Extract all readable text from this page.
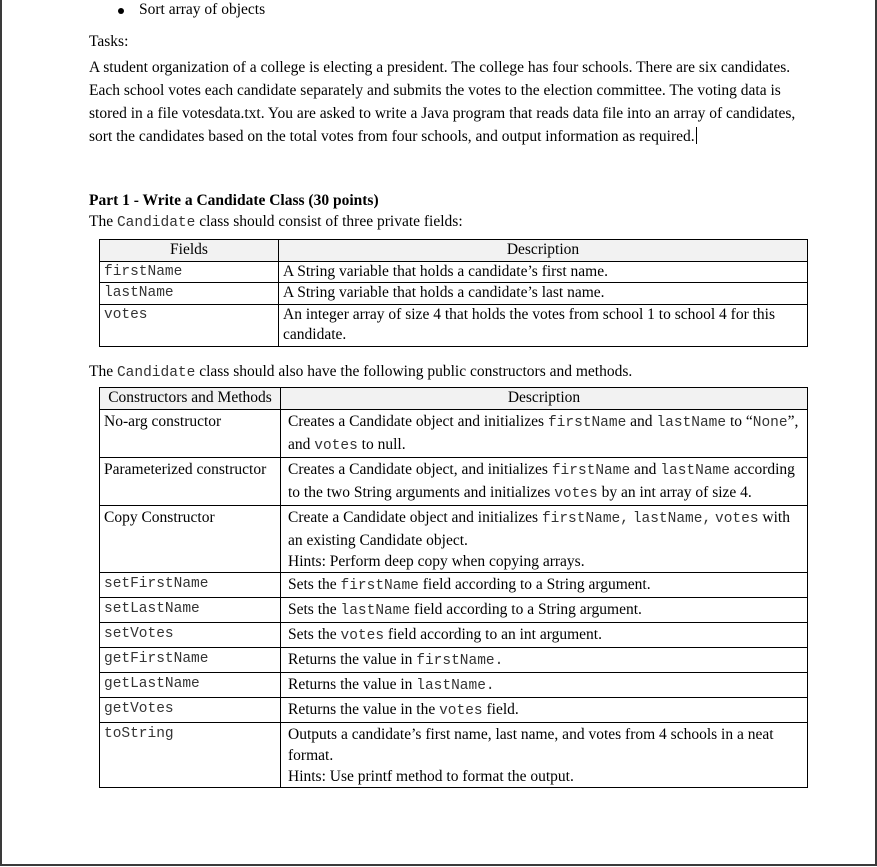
Sort array of objects
Tasks:
A student organization of a college is electing a president. The college has four schools. There are six candidates. Each school votes each candidate separately and submits the votes to the election committee. The voting data is stored in a file votesdata.txt. You are asked to write a Java program that reads data file into an array of candidates, sort the candidates based on the total votes from four schools, and output information as required.
Part 1 - Write a Candidate Class (30 points)
The Candidate class should consist of three private fields:
Fields	Description
firstName	A String variable that holds a candidate’s first name.
lastName	A String variable that holds a candidate’s last name.
votes	An integer array of size 4 that holds the votes from school 1 to school 4 for this candidate.
The Candidate class should also have the following public constructors and methods.
Constructors and Methods	Description
No-arg constructor	Creates a Candidate object and initializes firstName and lastName to “None”, and votes to null.
Parameterized constructor	Creates a Candidate object, and initializes firstName and lastName according to the two String arguments and initializes votes by an int array of size 4.
Copy Constructor	Create a Candidate object and initializes firstName, lastName, votes with an existing Candidate object.
Hints: Perform deep copy when copying arrays.
setFirstName	Sets the firstName field according to a String argument.
setLastName	Sets the lastName field according to a String argument.
setVotes	Sets the votes field according to an int argument.
getFirstName	Returns the value in firstName.
getLastName	Returns the value in lastName.
getVotes	Returns the value in the votes field.
toString	Outputs a candidate’s first name, last name, and votes from 4 schools in a neat format.
Hints: Use printf method to format the output.
